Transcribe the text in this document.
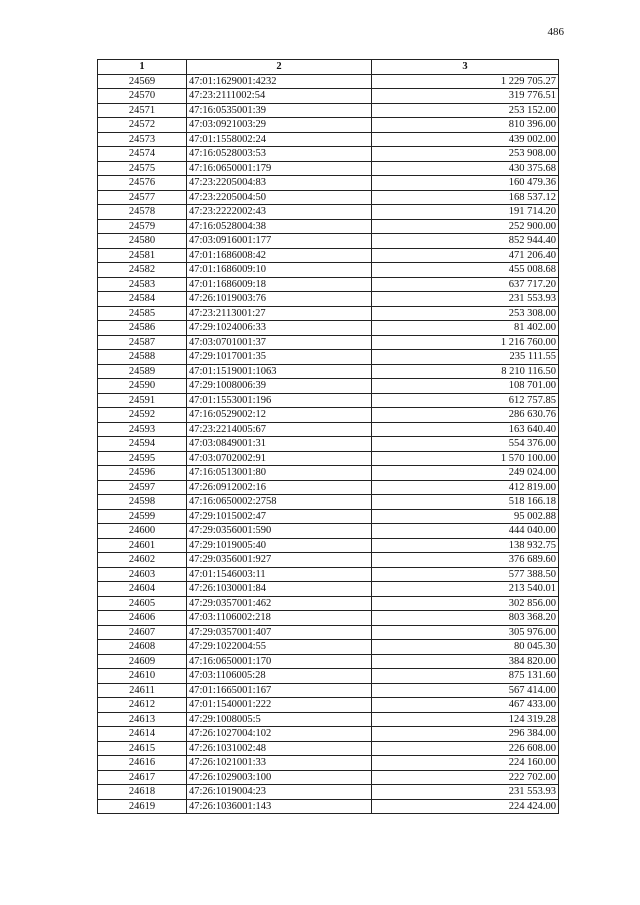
486
1	2	3
24569	47:01:1629001:4232	1 229 705.27
24570	47:23:2111002:54	319 776.51
24571	47:16:0535001:39	253 152.00
24572	47:03:0921003:29	810 396.00
24573	47:01:1558002:24	439 002.00
24574	47:16:0528003:53	253 908.00
24575	47:16:0650001:179	430 375.68
24576	47:23:2205004:83	160 479.36
24577	47:23:2205004:50	168 537.12
24578	47:23:2222002:43	191 714.20
24579	47:16:0528004:38	252 900.00
24580	47:03:0916001:177	852 944.40
24581	47:01:1686008:42	471 206.40
24582	47:01:1686009:10	455 008.68
24583	47:01:1686009:18	637 717.20
24584	47:26:1019003:76	231 553.93
24585	47:23:2113001:27	253 308.00
24586	47:29:1024006:33	81 402.00
24587	47:03:0701001:37	1 216 760.00
24588	47:29:1017001:35	235 111.55
24589	47:01:1519001:1063	8 210 116.50
24590	47:29:1008006:39	108 701.00
24591	47:01:1553001:196	612 757.85
24592	47:16:0529002:12	286 630.76
24593	47:23:2214005:67	163 640.40
24594	47:03:0849001:31	554 376.00
24595	47:03:0702002:91	1 570 100.00
24596	47:16:0513001:80	249 024.00
24597	47:26:0912002:16	412 819.00
24598	47:16:0650002:2758	518 166.18
24599	47:29:1015002:47	95 002.88
24600	47:29:0356001:590	444 040.00
24601	47:29:1019005:40	138 932.75
24602	47:29:0356001:927	376 689.60
24603	47:01:1546003:11	577 388.50
24604	47:26:1030001:84	213 540.01
24605	47:29:0357001:462	302 856.00
24606	47:03:1106002:218	803 368.20
24607	47:29:0357001:407	305 976.00
24608	47:29:1022004:55	80 045.30
24609	47:16:0650001:170	384 820.00
24610	47:03:1106005:28	875 131.60
24611	47:01:1665001:167	567 414.00
24612	47:01:1540001:222	467 433.00
24613	47:29:1008005:5	124 319.28
24614	47:26:1027004:102	296 384.00
24615	47:26:1031002:48	226 608.00
24616	47:26:1021001:33	224 160.00
24617	47:26:1029003:100	222 702.00
24618	47:26:1019004:23	231 553.93
24619	47:26:1036001:143	224 424.00
